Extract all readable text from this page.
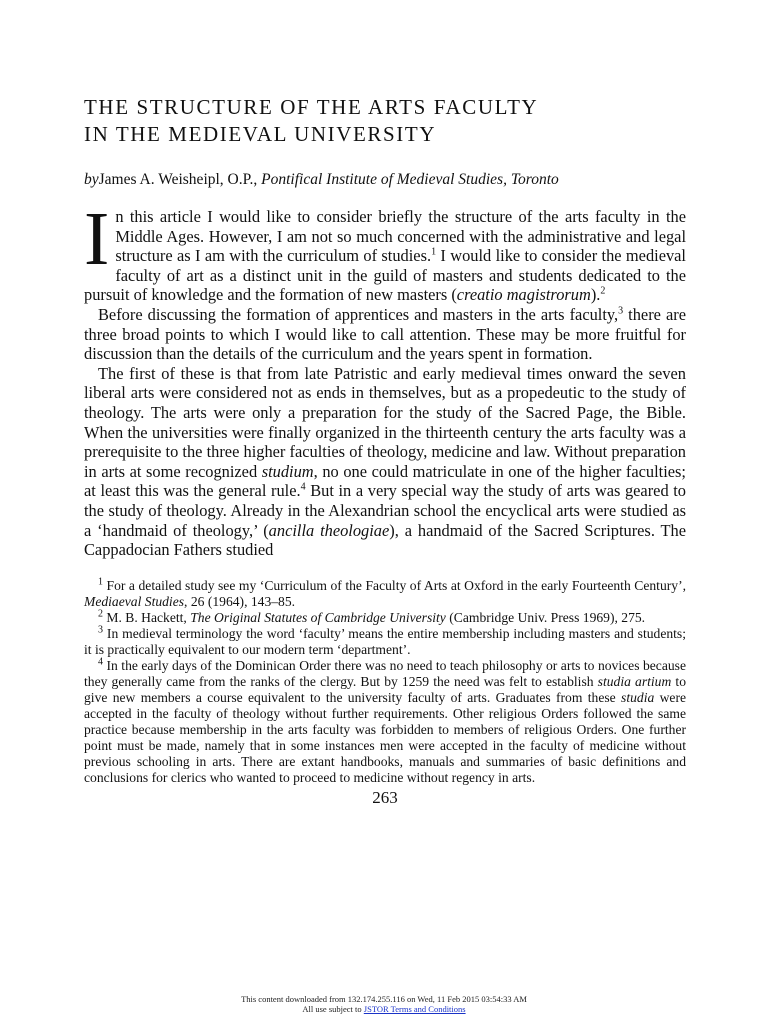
THE STRUCTURE OF THE ARTS FACULTY
IN THE MEDIEVAL UNIVERSITY
byJames A. Weisheipl, O.P., Pontifical Institute of Medieval Studies, Toronto

In this article I would like to consider briefly the structure of the arts faculty in the Middle Ages. However, I am not so much concerned with the administrative and legal structure as I am with the curriculum of studies.$^1$ I would like to consider the medieval faculty of art as a distinct unit in the guild of masters and students dedicated to the pursuit of knowledge and the formation of new masters (creatio magistrorum).$^2$

Before discussing the formation of apprentices and masters in the arts faculty,$^3$ there are three broad points to which I would like to call attention. These may be more fruitful for discussion than the details of the curriculum and the years spent in formation.

The first of these is that from late Patristic and early medieval times onward the seven liberal arts were considered not as ends in themselves, but as a propedeutic to the study of theology. The arts were only a preparation for the study of the Sacred Page, the Bible. When the universities were finally organized in the thirteenth century the arts faculty was a prerequisite to the three higher faculties of theology, medicine and law. Without preparation in arts at some recognized studium, no one could matriculate in one of the higher faculties; at least this was the general rule.$^4$ But in a very special way the study of arts was geared to the study of theology. Already in the Alexandrian school the encyclical arts were studied as a ‘handmaid of theology,’ (ancilla theologiae), a handmaid of the Sacred Scriptures. The Cappadocian Fathers studied

$^1$ For a detailed study see my ‘Curriculum of the Faculty of Arts at Oxford in the early Fourteenth Century’, Mediaeval Studies, 26 (1964), 143–85.

$^2$ M. B. Hackett, The Original Statutes of Cambridge University (Cambridge Univ. Press 1969), 275.

$^3$ In medieval terminology the word ‘faculty’ means the entire membership including masters and students; it is practically equivalent to our modern term ‘department’.

$^4$ In the early days of the Dominican Order there was no need to teach philosophy or arts to novices because they generally came from the ranks of the clergy. But by 1259 the need was felt to establish studia artium to give new members a course equivalent to the university faculty of arts. Graduates from these studia were accepted in the faculty of theology without further requirements. Other religious Orders followed the same practice because membership in the arts faculty was forbidden to members of religious Orders. One further point must be made, namely that in some instances men were accepted in the faculty of medicine without previous schooling in arts. There are extant handbooks, manuals and summaries of basic definitions and conclusions for clerics who wanted to proceed to medicine without regency in arts.

263
This content downloaded from 132.174.255.116 on Wed, 11 Feb 2015 03:54:33 AM
All use subject to JSTOR Terms and Conditions
